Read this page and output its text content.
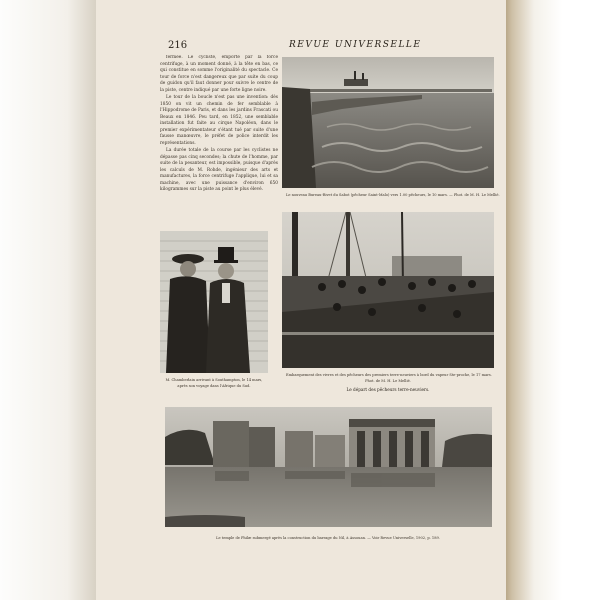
216	REVUE UNIVERSELLE

fermée. Le cycliste, emporté par la force centrifuge, à un moment donné, à la tête en bas, ce qui constitue en somme l'originalité du spectacle. Ce tour de force n'est dangereux que par suite du coup de guidon qu'il faut donner pour suivre le centre de la piste, centre indiqué par une forte ligne noire.

Le tour de la boucle n'est pas une invention: dès 1850 on vit un chemin de fer semblable à l'Hippodrome de Paris, et dans les jardins Frascati ou Beaux en 1846. Peu tard, en 1852, une semblable installation fut faite au cirque Napoléon, dans le premier expérimentateur s'étant tué par suite d'une fausse manœuvre, le préfet de police interdit les représentations.

La durée totale de la course par les cyclistes ne dépasse pas cinq secondes; la chute de l'homme, par suite de la pesanteur, est impossible, puisque d'après les calculs de M. Rohde, ingénieur des arts et manufactures, la force centrifuge l'applique, lui et sa machine, avec une puissance d'environ 650 kilogrammes sur la piste au point le plus élevé.

Le nouveau Bureau-Rivet du Sabot (pêcheur Saint-Malo) vers 1.00 pêcheurs, le 10 mars. — Phot. de M. H. Le Mellié.

M. Chamberlain arrivant à Southampton, le 14 mars,

après son voyage dans l'Afrique du Sud.

Embarquement des vivres et des pêcheurs des premiers terre-neuviers à bord du vapeur Ste-proche, le 17 mars.

Phot. de M. H. Le Mellié.

Le départ des pêcheurs terre-neuviers.

Le temple de Philæ submergé après la construction du barrage du Nil, à Assouan. — Voir Revue Universelle, 1902, p. 189.
